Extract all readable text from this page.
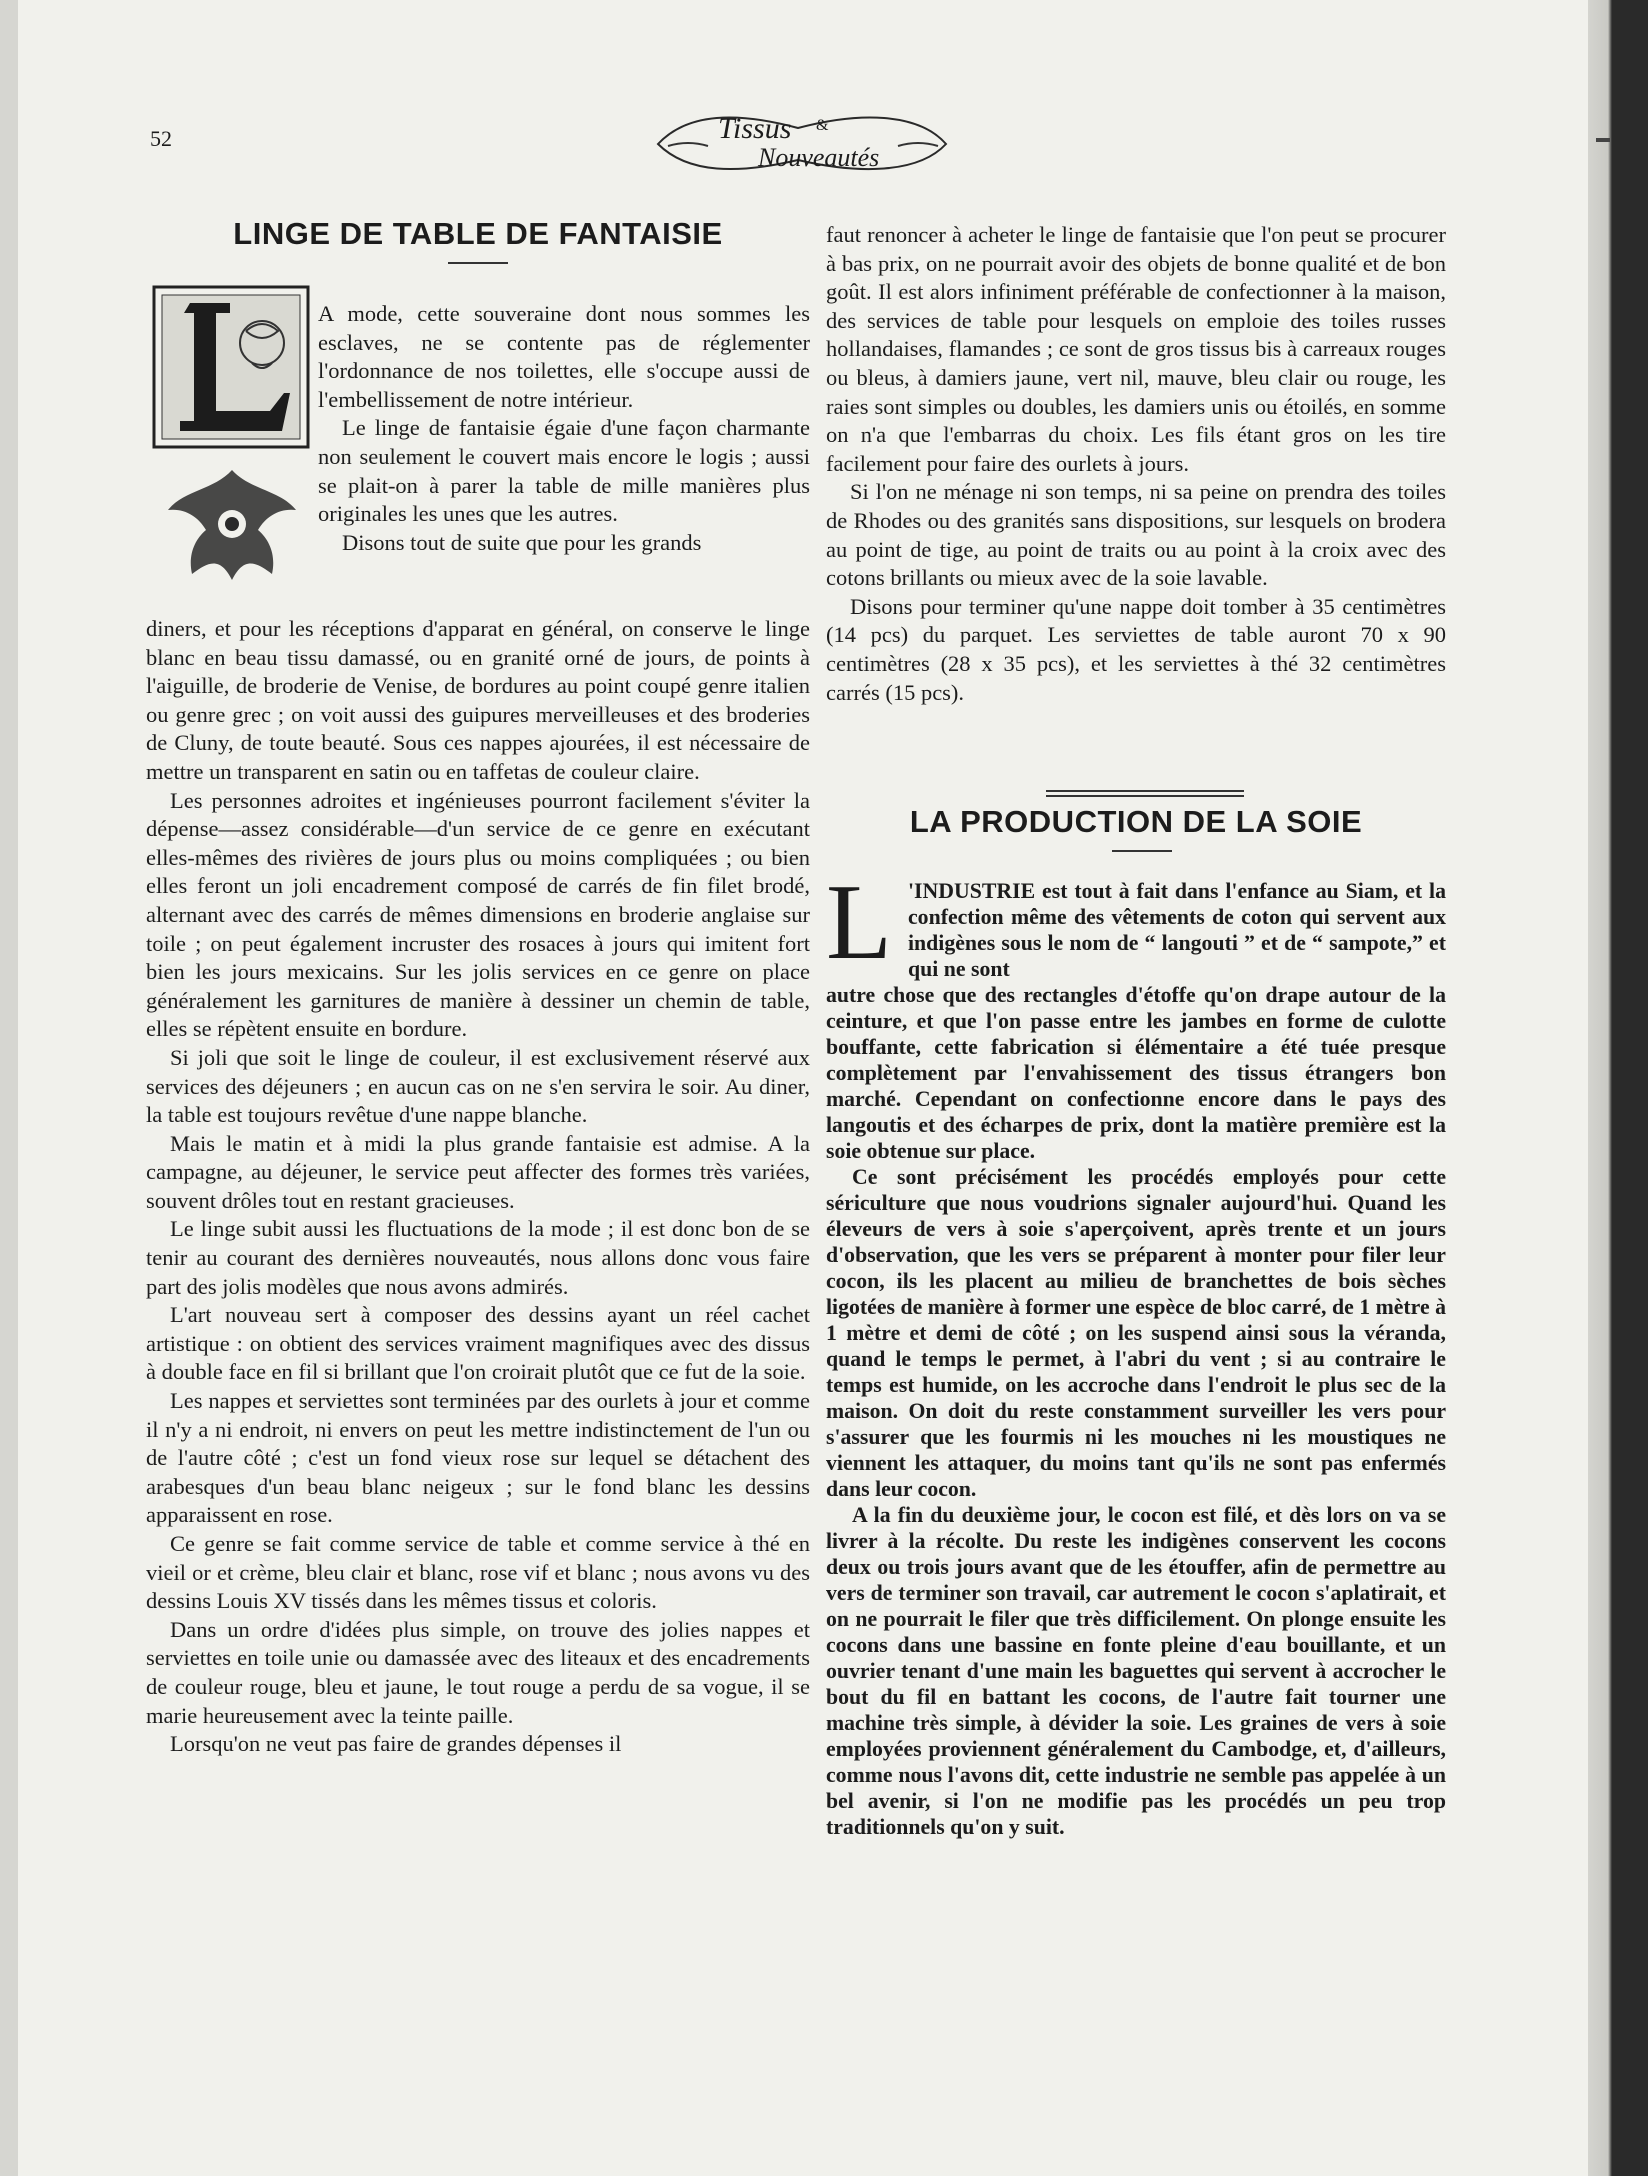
52	Tissus &
Nouveautés
LINGE DE TABLE DE FANTAISIE

A mode, cette souveraine dont nous sommes les esclaves, ne se contente pas de réglementer l'ordonnance de nos toilettes, elle s'occupe aussi de l'embellissement de notre intérieur.

Le linge de fantaisie égaie d'une façon charmante non seulement le couvert mais encore le logis ; aussi se plait-on à parer la table de mille manières plus originales les unes que les autres.

Disons tout de suite que pour les grands

diners, et pour les réceptions d'apparat en général, on conserve le linge blanc en beau tissu damassé, ou en granité orné de jours, de points à l'aiguille, de broderie de Venise, de bordures au point coupé genre italien ou genre grec ; on voit aussi des guipures merveilleuses et des broderies de Cluny, de toute beauté. Sous ces nappes ajourées, il est nécessaire de mettre un transparent en satin ou en taffetas de couleur claire.

Les personnes adroites et ingénieuses pourront facilement s'éviter la dépense—assez considérable—d'un service de ce genre en exécutant elles-mêmes des rivières de jours plus ou moins compliquées ; ou bien elles feront un joli encadrement composé de carrés de fin filet brodé, alternant avec des carrés de mêmes dimensions en broderie anglaise sur toile ; on peut également incruster des rosaces à jours qui imitent fort bien les jours mexicains. Sur les jolis services en ce genre on place généralement les garnitures de manière à dessiner un chemin de table, elles se répètent ensuite en bordure.

Si joli que soit le linge de couleur, il est exclusivement réservé aux services des déjeuners ; en aucun cas on ne s'en servira le soir. Au diner, la table est toujours revêtue d'une nappe blanche.

Mais le matin et à midi la plus grande fantaisie est admise. A la campagne, au déjeuner, le service peut affecter des formes très variées, souvent drôles tout en restant gracieuses.

Le linge subit aussi les fluctuations de la mode ; il est donc bon de se tenir au courant des dernières nouveautés, nous allons donc vous faire part des jolis modèles que nous avons admirés.

L'art nouveau sert à composer des dessins ayant un réel cachet artistique : on obtient des services vraiment magnifiques avec des dissus à double face en fil si brillant que l'on croirait plutôt que ce fut de la soie.

Les nappes et serviettes sont terminées par des ourlets à jour et comme il n'y a ni endroit, ni envers on peut les mettre indistinctement de l'un ou de l'autre côté ; c'est un fond vieux rose sur lequel se détachent des arabesques d'un beau blanc neigeux ; sur le fond blanc les dessins apparaissent en rose.

Ce genre se fait comme service de table et comme service à thé en vieil or et crème, bleu clair et blanc, rose vif et blanc ; nous avons vu des dessins Louis XV tissés dans les mêmes tissus et coloris.

Dans un ordre d'idées plus simple, on trouve des jolies nappes et serviettes en toile unie ou damassée avec des liteaux et des encadrements de couleur rouge, bleu et jaune, le tout rouge a perdu de sa vogue, il se marie heureusement avec la teinte paille.

Lorsqu'on ne veut pas faire de grandes dépenses il

faut renoncer à acheter le linge de fantaisie que l'on peut se procurer à bas prix, on ne pourrait avoir des objets de bonne qualité et de bon goût. Il est alors infiniment préférable de confectionner à la maison, des services de table pour lesquels on emploie des toiles russes hollandaises, flamandes ; ce sont de gros tissus bis à carreaux rouges ou bleus, à damiers jaune, vert nil, mauve, bleu clair ou rouge, les raies sont simples ou doubles, les damiers unis ou étoilés, en somme on n'a que l'embarras du choix. Les fils étant gros on les tire facilement pour faire des ourlets à jours.

Si l'on ne ménage ni son temps, ni sa peine on prendra des toiles de Rhodes ou des granités sans dispositions, sur lesquels on brodera au point de tige, au point de traits ou au point à la croix avec des cotons brillants ou mieux avec de la soie lavable.

Disons pour terminer qu'une nappe doit tomber à 35 centimètres (14 pcs) du parquet. Les serviettes de table auront 70 x 90 centimètres (28 x 35 pcs), et les serviettes à thé 32 centimètres carrés (15 pcs).

LA PRODUCTION DE LA SOIE
L 'INDUSTRIE est tout à fait dans l'enfance au Siam, et la confection même des vêtements de coton qui servent aux indigènes sous le nom de “ langouti ” et de “ sampote,” et qui ne sont

autre chose que des rectangles d'étoffe qu'on drape autour de la ceinture, et que l'on passe entre les jambes en forme de culotte bouffante, cette fabrication si élémentaire a été tuée presque complètement par l'envahissement des tissus étrangers bon marché. Cependant on confectionne encore dans le pays des langoutis et des écharpes de prix, dont la matière première est la soie obtenue sur place.

Ce sont précisément les procédés employés pour cette sériculture que nous voudrions signaler aujourd'hui. Quand les éleveurs de vers à soie s'aperçoivent, après trente et un jours d'observation, que les vers se préparent à monter pour filer leur cocon, ils les placent au milieu de branchettes de bois sèches ligotées de manière à former une espèce de bloc carré, de 1 mètre à 1 mètre et demi de côté ; on les suspend ainsi sous la véranda, quand le temps le permet, à l'abri du vent ; si au contraire le temps est humide, on les accroche dans l'endroit le plus sec de la maison. On doit du reste constamment surveiller les vers pour s'assurer que les fourmis ni les mouches ni les moustiques ne viennent les attaquer, du moins tant qu'ils ne sont pas enfermés dans leur cocon.

A la fin du deuxième jour, le cocon est filé, et dès lors on va se livrer à la récolte. Du reste les indigènes conservent les cocons deux ou trois jours avant que de les étouffer, afin de permettre au vers de terminer son travail, car autrement le cocon s'aplatirait, et on ne pourrait le filer que très difficilement. On plonge ensuite les cocons dans une bassine en fonte pleine d'eau bouillante, et un ouvrier tenant d'une main les baguettes qui servent à accrocher le bout du fil en battant les cocons, de l'autre fait tourner une machine très simple, à dévider la soie. Les graines de vers à soie employées proviennent généralement du Cambodge, et, d'ailleurs, comme nous l'avons dit, cette industrie ne semble pas appelée à un bel avenir, si l'on ne modifie pas les procédés un peu trop traditionnels qu'on y suit.
